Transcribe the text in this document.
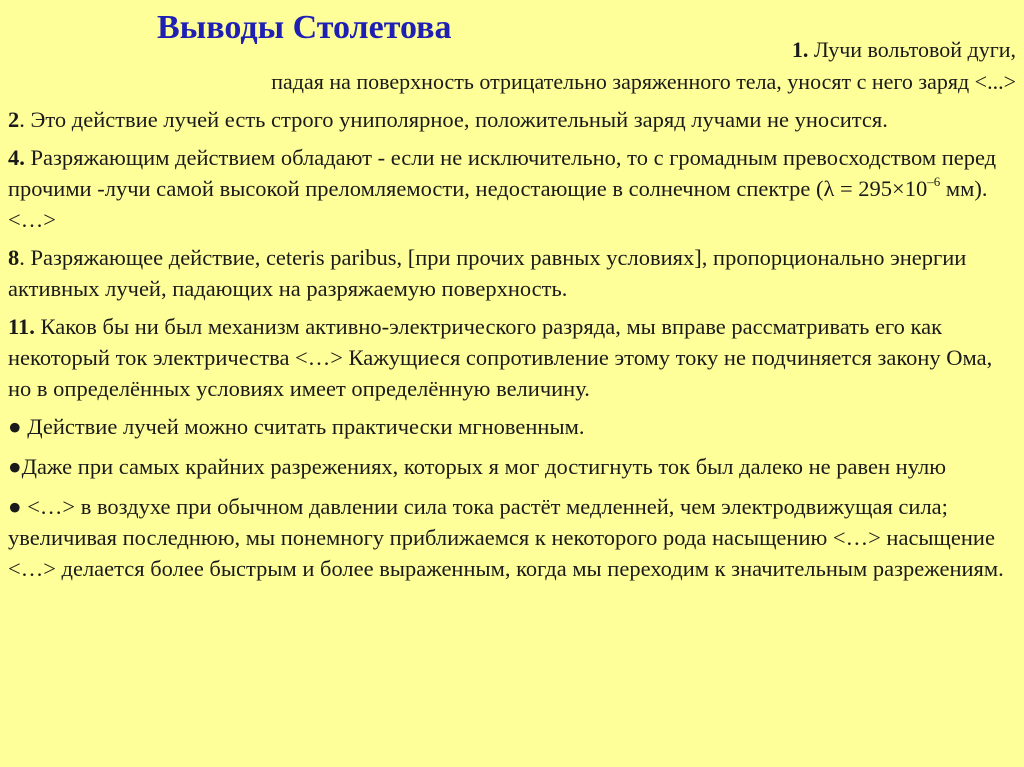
Выводы Столетова
1. Лучи вольтовой дуги,
падая на поверхность отрицательно заряженного тела, уносят с него заряд <...>
2. Это действие лучей есть строго униполярное, положительный заряд лучами не уносится.
4. Разряжающим действием обладают - если не исключительно, то с громадным превосходством перед прочими -лучи самой высокой преломляемости, недостающие в солнечном спектре ($\lambda = 295\times 10^{-6}$ мм). <…>
8. Разряжающее действие, ceteris paribus, [при прочих равных условиях], пропорционально энергии активных лучей, падающих на разряжаемую поверхность.
11. Каков бы ни был механизм активно-электрического разряда, мы вправе рассматривать его как некоторый ток электричества <…> Кажущиеся сопротивление этому току не подчиняется закону Ома, но в определённых условиях имеет определённую величину.
● Действие лучей можно считать практически мгновенным.
●Даже при самых крайних разрежениях, которых я мог достигнуть ток был далеко не равен нулю
● <…> в воздухе при обычном давлении сила тока растёт медленней, чем электродвижущая сила; увеличивая последнюю, мы понемногу приближаемся к некоторого рода насыщению <…> насыщение <…> делается более быстрым и более выраженным, когда мы переходим к значительным разрежениям.
